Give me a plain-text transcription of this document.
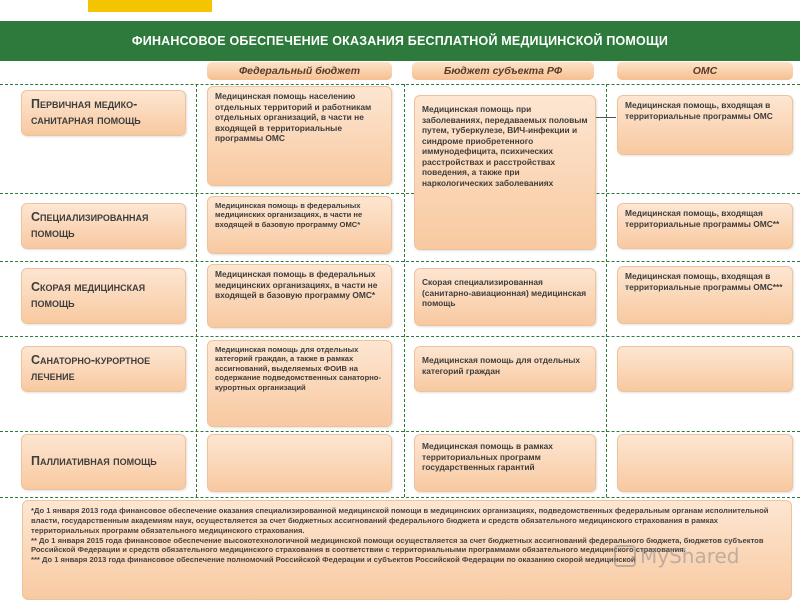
ФИНАНСОВОЕ ОБЕСПЕЧЕНИЕ ОКАЗАНИЯ БЕСПЛАТНОЙ МЕДИЦИНСКОЙ ПОМОЩИ
Федеральный бюджет	Бюджет субъекта РФ	ОМС
Первичная медико-санитарная помощь
Специализированная помощь
Скорая медицинская помощь
Санаторно-курортное лечение
Паллиативная помощь
Медицинская помощь населению отдельных территорий и работникам отдельных организаций, в части не входящей в территориальные программы ОМС
Медицинская помощь в федеральных медицинских организациях, в части не входящей в базовую программу ОМС*
Медицинская помощь в федеральных медицинских организациях, в части не входящей в базовую программу ОМС*
Медицинская помощь для отдельных категорий граждан, а также в рамках ассигнований, выделяемых ФОИВ на содержание подведомственных санаторно-курортных организаций
Медицинская помощь при заболеваниях, передаваемых половым путем, туберкулезе, ВИЧ-инфекции и синдроме приобретенного иммунодефицита, психических расстройствах и расстройствах поведения, а также при наркологических заболеваниях
Скорая специализированная (санитарно-авиационная) медицинская помощь
Медицинская помощь для отдельных категорий граждан
Медицинская помощь в рамках территориальных программ государственных гарантий
Медицинская помощь, входящая в территориальные программы ОМС
Медицинская помощь, входящая территориальные программы ОМС**
Медицинская помощь, входящая в территориальные программы ОМС***

*До 1 января 2013 года финансовое обеспечение оказания специализированной медицинской помощи в медицинских организациях, подведомственных федеральным органам исполнительной власти, государственным академиям наук, осуществляется за счет бюджетных ассигнований федерального бюджета и средств обязательного медицинского страхования в рамках территориальных программ обязательного медицинского страхования.

** До 1 января 2015 года финансовое обеспечение высокотехнологичной медицинской помощи осуществляется за счет бюджетных ассигнований федерального бюджета, бюджетов субъектов Российской Федерации и средств обязательного медицинского страхования в соответствии с территориальными программами обязательного медицинского страхования.

*** До 1 января 2013 года финансовое обеспечение полномочий Российской Федерации и субъектов Российской Федерации по оказанию скорой медицинской MyShared
